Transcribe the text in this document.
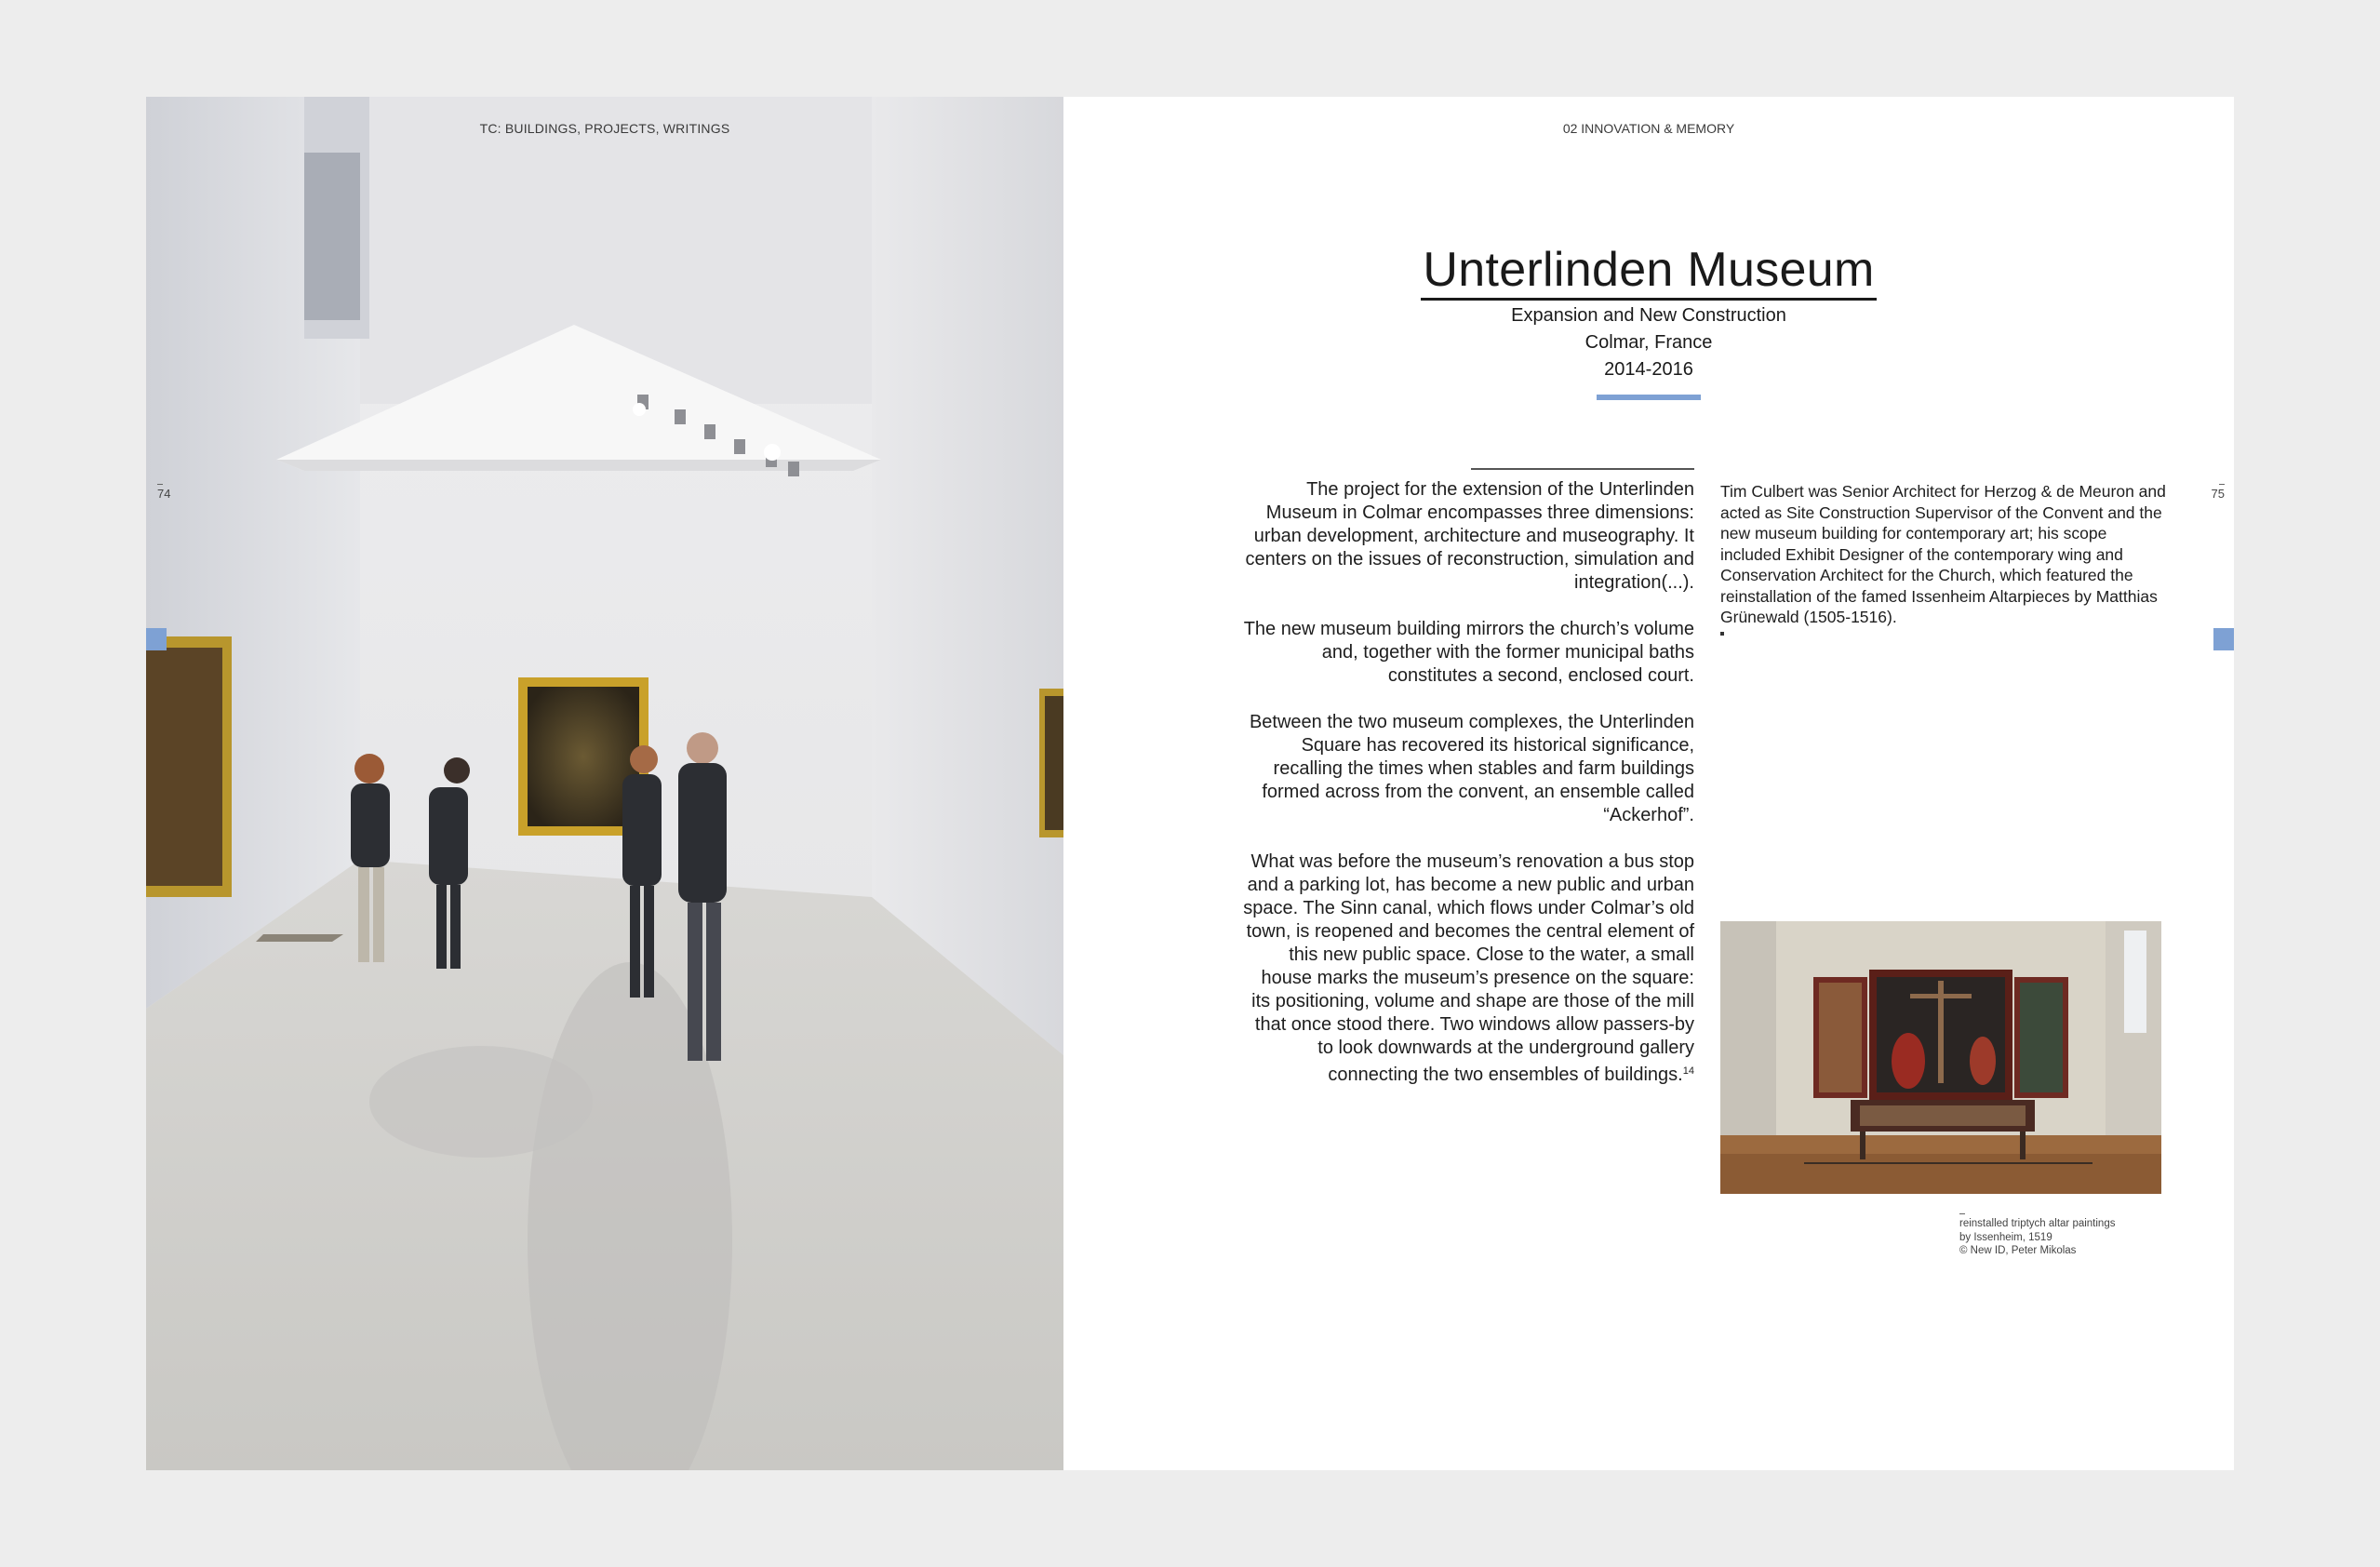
TC: BUILDINGS, PROJECTS, WRITINGS
74
02 INNOVATION & MEMORY
Unterlinden Museum
Expansion and New Construction
Colmar, France
2014-2016

The project for the extension of the Unterlinden Museum in Colmar encompasses three dimensions: urban development, architecture and museography. It centers on the issues of reconstruction, simulation and integration(...).

The new museum building mirrors the church’s volume and, together with the former municipal baths constitutes a second, enclosed court.

Between the two museum complexes, the Unterlinden Square has recovered its historical significance, recalling the times when stables and farm buildings formed across from the convent, an ensemble called “Ackerhof”.

What was before the museum’s renovation a bus stop and a parking lot, has become a new public and urban space. The Sinn canal, which flows under Colmar’s old town, is reopened and becomes the central element of this new public space. Close to the water, a small house marks the museum’s presence on the square: its positioning, volume and shape are those of the mill that once stood there. Two windows allow passers-by to look downwards at the underground gallery connecting the two ensembles of buildings.$^{14}$

Tim Culbert was Senior Architect for Herzog & de Meuron and acted as Site Construction Supervisor of the Convent and the new museum building for contemporary art; his scope included Exhibit Designer of the contemporary wing and Conservation Architect for the Church, which featured the reinstallation of the famed Issenheim Altarpieces by Matthias Grünewald (1505-1516).

reinstalled triptych altar paintings
by Issenheim, 1519
© New ID, Peter Mikolas
75
